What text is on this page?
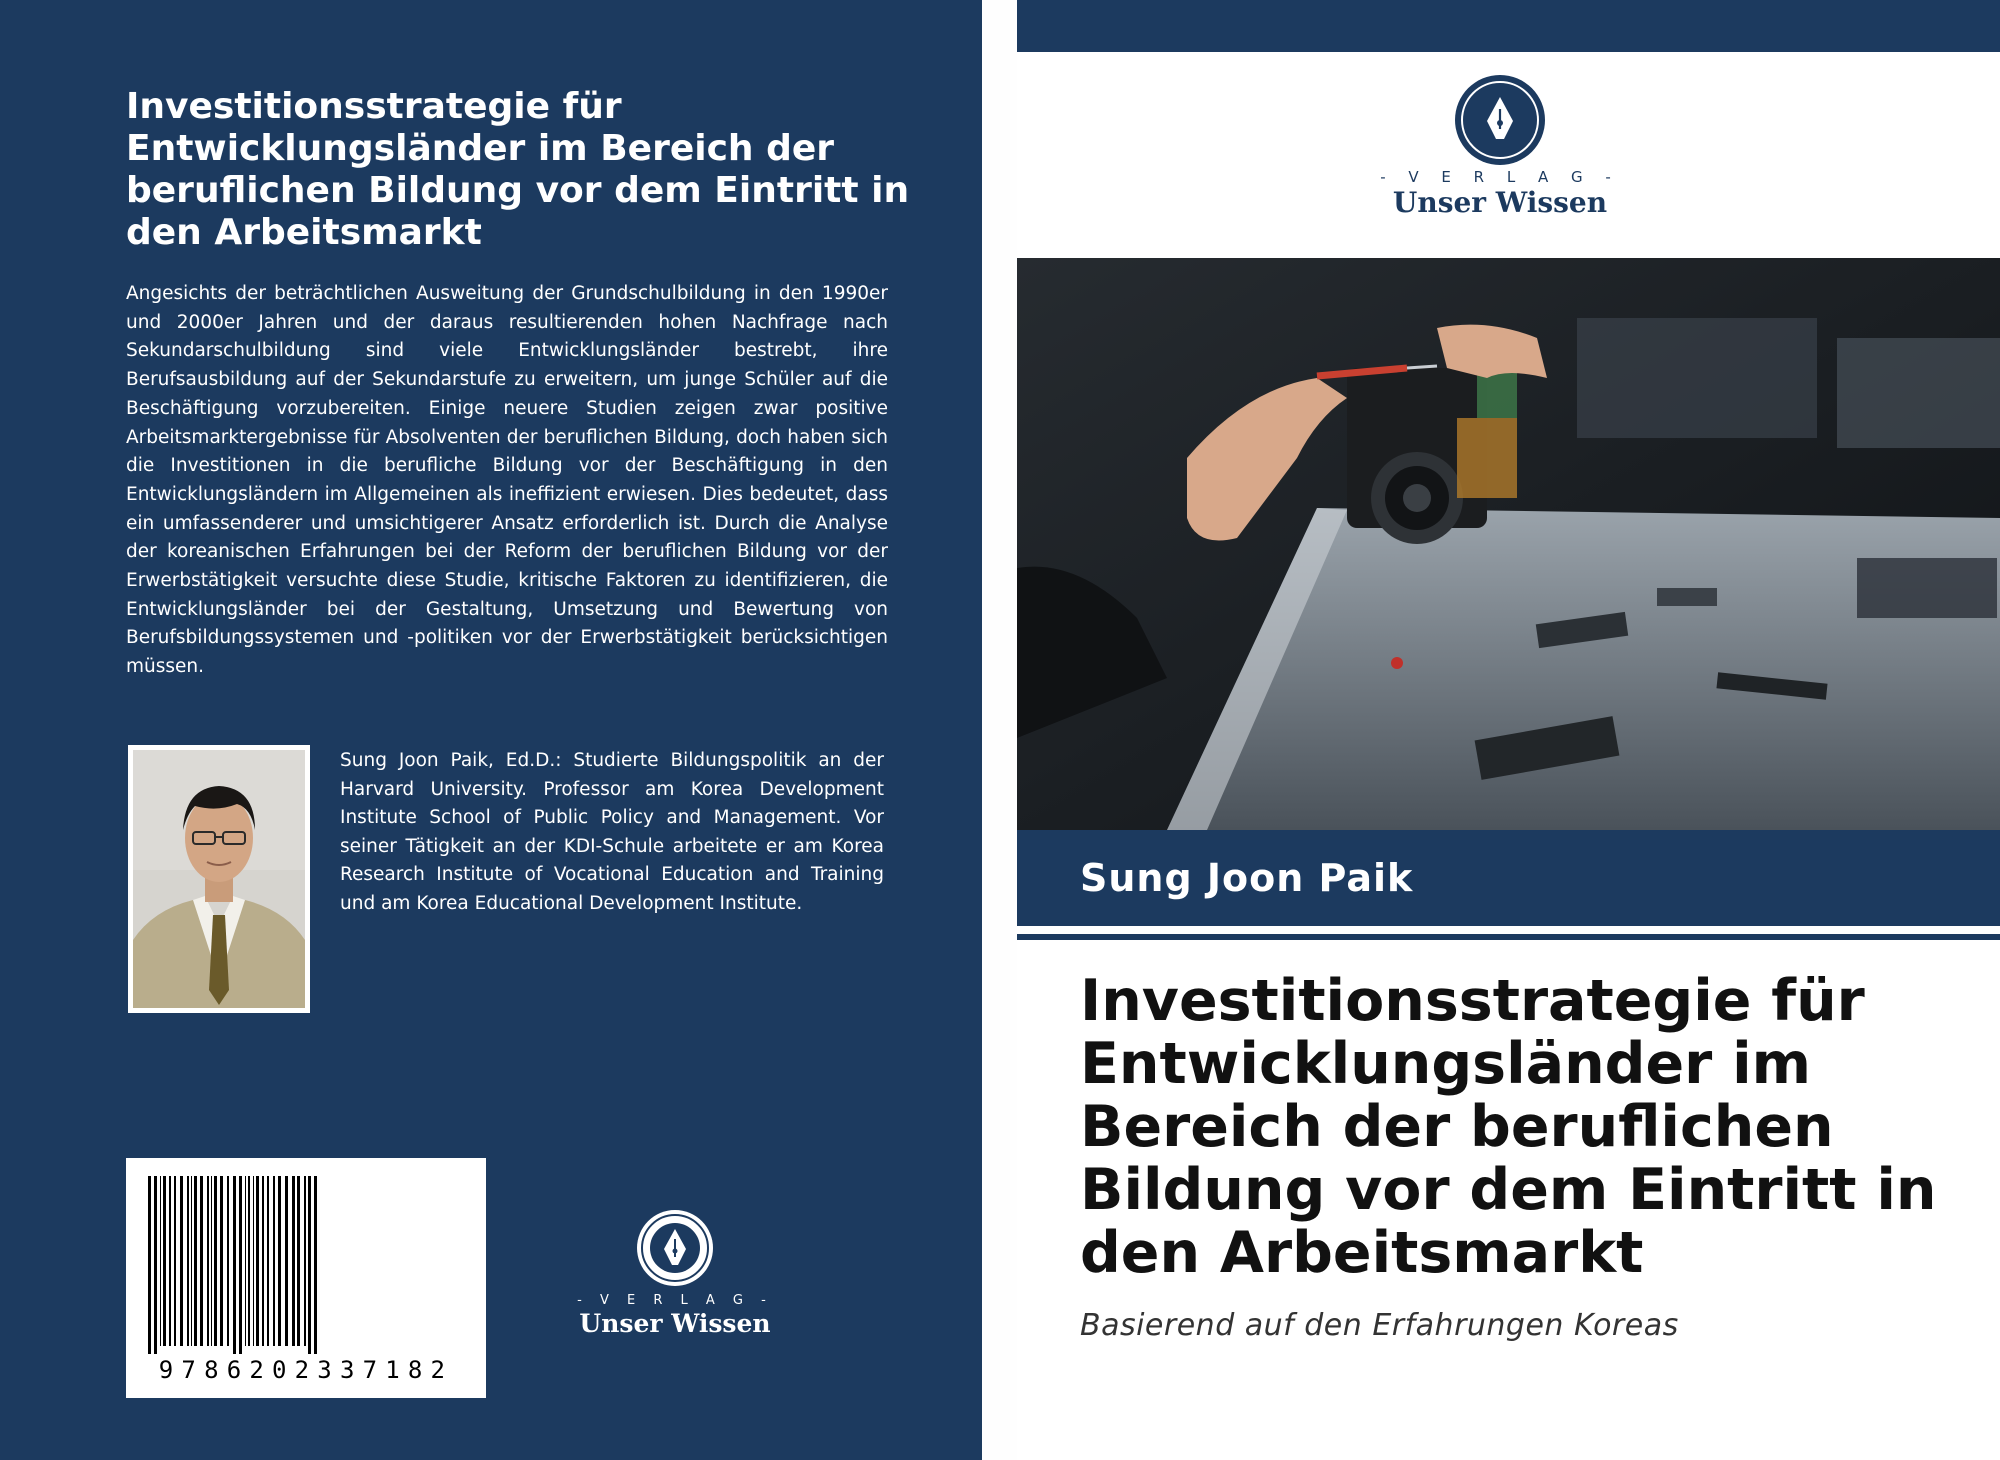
Investitionsstrategie für Entwicklungsländer im Bereich der beruflichen Bildung vor dem Eintritt in den Arbeitsmarkt

Angesichts der beträchtlichen Ausweitung der Grundschulbildung in den 1990er und 2000er Jahren und der daraus resultierenden hohen Nachfrage nach Sekundarschulbildung sind viele Entwicklungsländer bestrebt, ihre Berufsausbildung auf der Sekundarstufe zu erweitern, um junge Schüler auf die Beschäftigung vorzubereiten. Einige neuere Studien zeigen zwar positive Arbeitsmarktergebnisse für Absolventen der beruflichen Bildung, doch haben sich die Investitionen in die berufliche Bildung vor der Beschäftigung in den Entwicklungsländern im Allgemeinen als ineffizient erwiesen. Dies bedeutet, dass ein umfassenderer und umsichtigerer Ansatz erforderlich ist. Durch die Analyse der koreanischen Erfahrungen bei der Reform der beruflichen Bildung vor der Erwerbstätigkeit versuchte diese Studie, kritische Faktoren zu identifizieren, die Entwicklungsländer bei der Gestaltung, Umsetzung und Bewertung von Berufsbildungssystemen und -politiken vor der Erwerbstätigkeit berücksichtigen müssen.

Sung Joon Paik, Ed.D.: Studierte Bildungspolitik an der Harvard University. Professor am Korea Development Institute School of Public Policy and Management. Vor seiner Tätigkeit an der KDI-Schule arbeitete er am Korea Research Institute of Vocational Education and Training und am Korea Educational Development Institute.

9786202337182
- V E R L A G -
Unser Wissen
- V E R L A G -
Unser Wissen
Sung Joon Paik
Investitionsstrategie für Entwicklungsländer im Bereich der beruflichen Bildung vor dem Eintritt in den Arbeitsmarkt
Basierend auf den Erfahrungen Koreas
